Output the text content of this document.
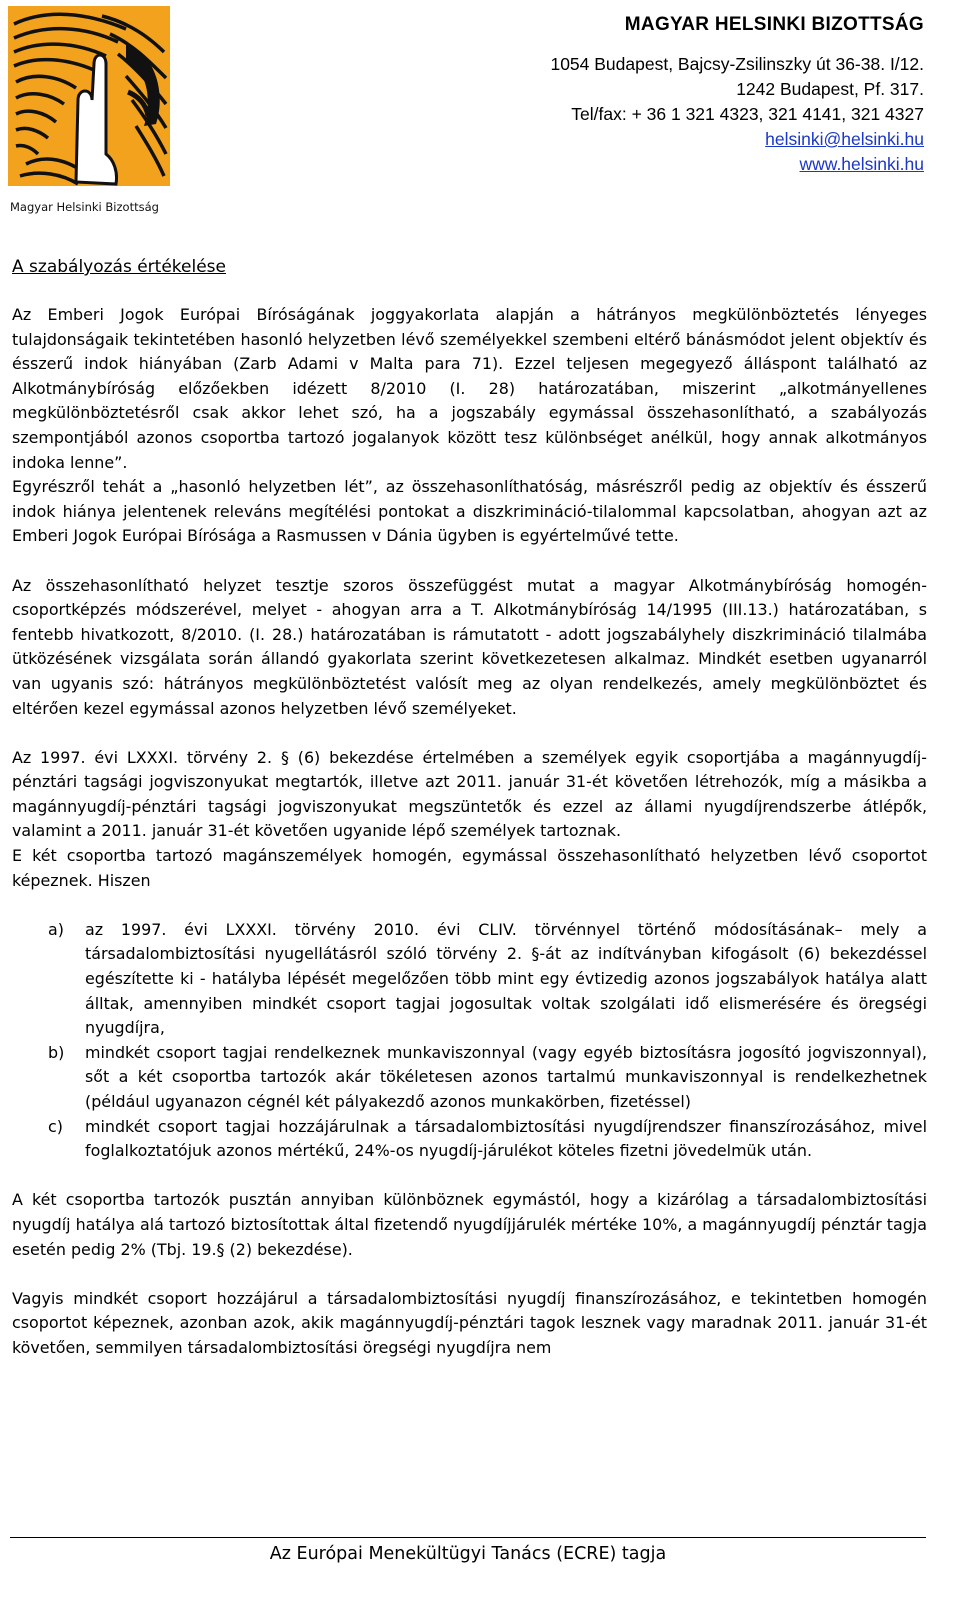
Magyar Helsinki Bizottság
MAGYAR HELSINKI BIZOTTSÁG
1054 Budapest, Bajcsy-Zsilinszky út 36-38. I/12.
1242 Budapest, Pf. 317.
Tel/fax: + 36 1 321 4323, 321 4141, 321 4327
helsinki@helsinki.hu
www.helsinki.hu
A szabályozás értékelése

Az Emberi Jogok Európai Bíróságának joggyakorlata alapján a hátrányos megkülönböztetés lényeges tulajdonságaik tekintetében hasonló helyzetben lévő személyekkel szembeni eltérő bánásmódot jelent objektív és ésszerű indok hiányában (Zarb Adami v Malta para 71). Ezzel teljesen megegyező álláspont található az Alkotmánybíróság előzőekben idézett 8/2010 (I. 28) határozatában, miszerint „alkotmányellenes megkülönböztetésről csak akkor lehet szó, ha a jogszabály egymással összehasonlítható, a szabályozás szempontjából azonos csoportba tartozó jogalanyok között tesz különbséget anélkül, hogy annak alkotmányos indoka lenne”.

Egyrészről tehát a „hasonló helyzetben lét”, az összehasonlíthatóság, másrészről pedig az objektív és ésszerű indok hiánya jelentenek releváns megítélési pontokat a diszkrimináció-tilalommal kapcsolatban, ahogyan azt az Emberi Jogok Európai Bírósága a Rasmussen v Dánia ügyben is egyértelművé tette.

Az összehasonlítható helyzet tesztje szoros összefüggést mutat a magyar Alkotmánybíróság homogén-csoportképzés módszerével, melyet - ahogyan arra a T. Alkotmánybíróság 14/1995 (III.13.) határozatában, s fentebb hivatkozott, 8/2010. (I. 28.) határozatában is rámutatott - adott jogszabályhely diszkrimináció tilalmába ütközésének vizsgálata során állandó gyakorlata szerint következetesen alkalmaz. Mindkét esetben ugyanarról van ugyanis szó: hátrányos megkülönböztetést valósít meg az olyan rendelkezés, amely megkülönböztet és eltérően kezel egymással azonos helyzetben lévő személyeket.

Az 1997. évi LXXXI. törvény 2. § (6) bekezdése értelmében a személyek egyik csoportjába a magánnyugdíj-pénztári tagsági jogviszonyukat megtartók, illetve azt 2011. január 31-ét követően létrehozók, míg a másikba a magánnyugdíj-pénztári tagsági jogviszonyukat megszüntetők és ezzel az állami nyugdíjrendszerbe átlépők, valamint a 2011. január 31-ét követően ugyanide lépő személyek tartoznak.

E két csoportba tartozó magánszemélyek homogén, egymással összehasonlítható helyzetben lévő csoportot képeznek. Hiszen

a) az 1997. évi LXXXI. törvény 2010. évi CLIV. törvénnyel történő módosításának– mely a társadalombiztosítási nyugellátásról szóló törvény 2. §-át az indítványban kifogásolt (6) bekezdéssel egészítette ki - hatályba lépését megelőzően több mint egy évtizedig azonos jogszabályok hatálya alatt álltak, amennyiben mindkét csoport tagjai jogosultak voltak szolgálati idő elismerésére és öregségi nyugdíjra,
b) mindkét csoport tagjai rendelkeznek munkaviszonnyal (vagy egyéb biztosításra jogosító jogviszonnyal), sőt a két csoportba tartozók akár tökéletesen azonos tartalmú munkaviszonnyal is rendelkezhetnek (például ugyanazon cégnél két pályakezdő azonos munkakörben, fizetéssel)
c) mindkét csoport tagjai hozzájárulnak a társadalombiztosítási nyugdíjrendszer finanszírozásához, mivel foglalkoztatójuk azonos mértékű, 24%-os nyugdíj-járulékot köteles fizetni jövedelmük után.

A két csoportba tartozók pusztán annyiban különböznek egymástól, hogy a kizárólag a társadalombiztosítási nyugdíj hatálya alá tartozó biztosítottak által fizetendő nyugdíjjárulék mértéke 10%, a magánnyugdíj pénztár tagja esetén pedig 2% (Tbj. 19.§ (2) bekezdése).

Vagyis mindkét csoport hozzájárul a társadalombiztosítási nyugdíj finanszírozásához, e tekintetben homogén csoportot képeznek, azonban azok, akik magánnyugdíj-pénztári tagok lesznek vagy maradnak 2011. január 31-ét követően, semmilyen társadalombiztosítási öregségi nyugdíjra nem

Az Európai Menekültügyi Tanács (ECRE) tagja
